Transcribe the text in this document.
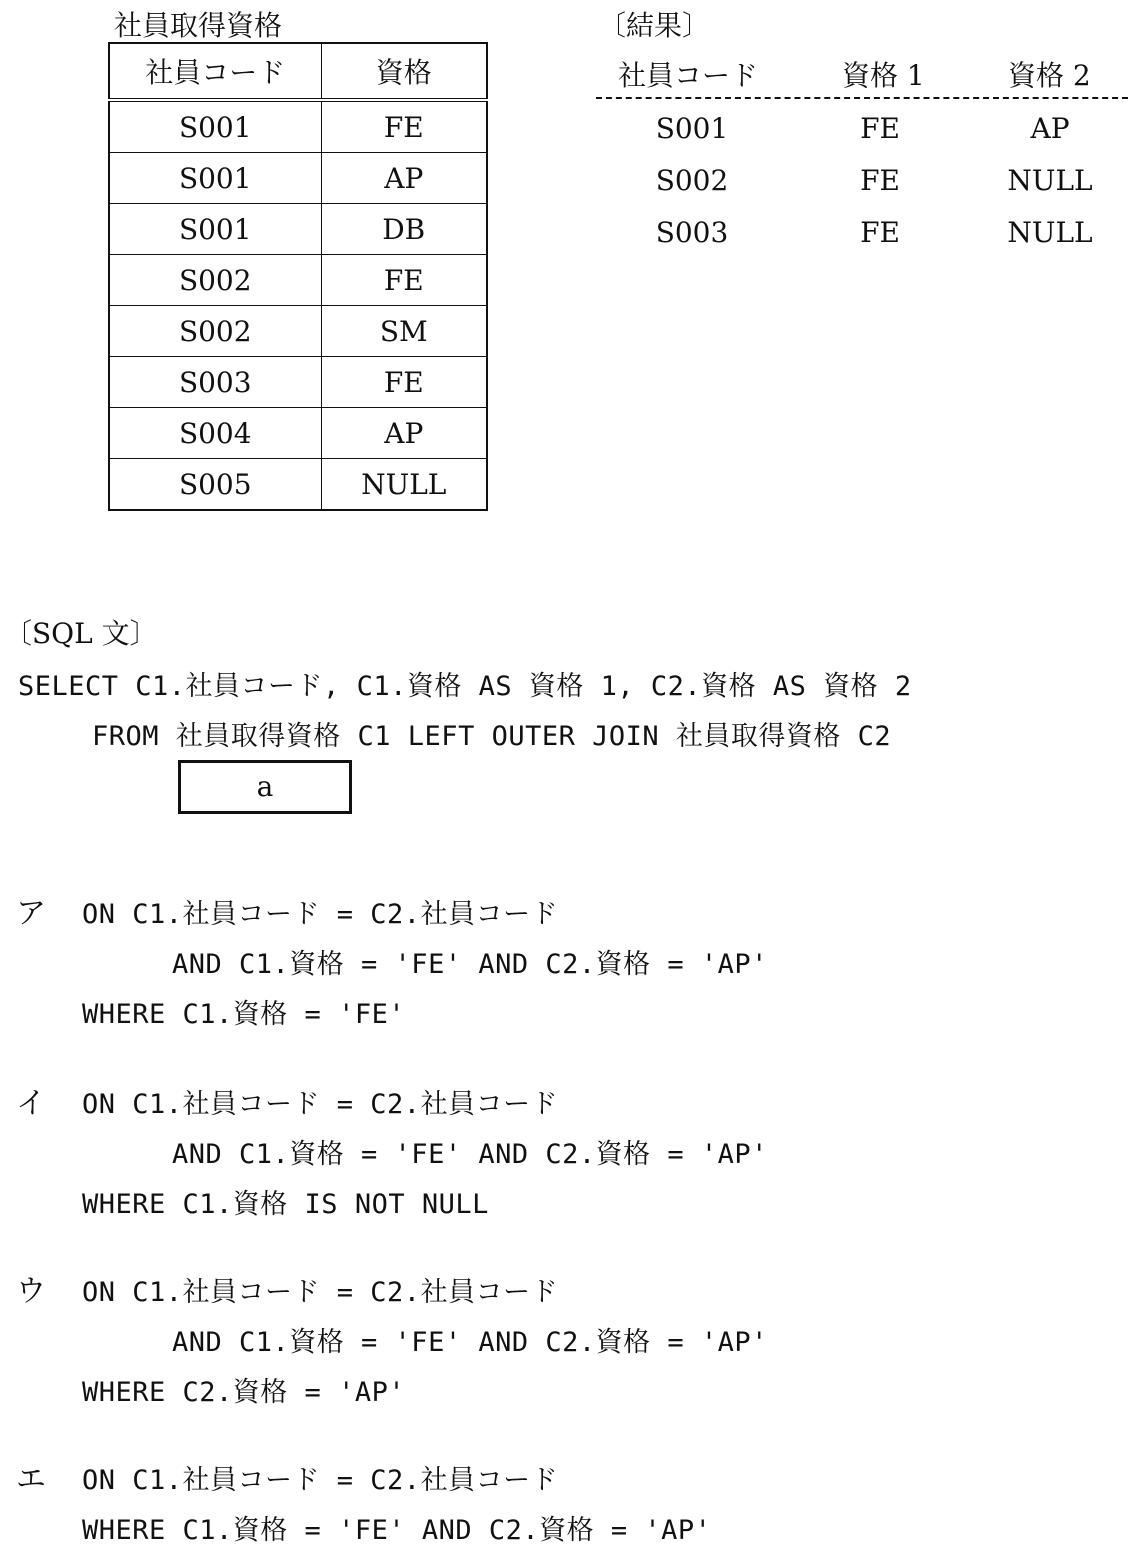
社員取得資格
社員コード	資格
S001	FE
S001	AP
S001	DB
S002	FE
S002	SM
S003	FE
S004	AP
S005	NULL
〔結果〕
社員コード	資格 1	資格 2
S001	FE	AP
S002	FE	NULL
S003	FE	NULL
〔SQL 文〕
SELECT C1.社員コード, C1.資格 AS 資格 1, C2.資格 AS 資格 2
FROM 社員取得資格 C1 LEFT OUTER JOIN 社員取得資格 C2
a
ア ON C1.社員コード = C2.社員コード
AND C1.資格 = 'FE' AND C2.資格 = 'AP'
WHERE C1.資格 = 'FE'
イ ON C1.社員コード = C2.社員コード
AND C1.資格 = 'FE' AND C2.資格 = 'AP'
WHERE C1.資格 IS NOT NULL
ウ ON C1.社員コード = C2.社員コード
AND C1.資格 = 'FE' AND C2.資格 = 'AP'
WHERE C2.資格 = 'AP'
エ ON C1.社員コード = C2.社員コード
WHERE C1.資格 = 'FE' AND C2.資格 = 'AP'
